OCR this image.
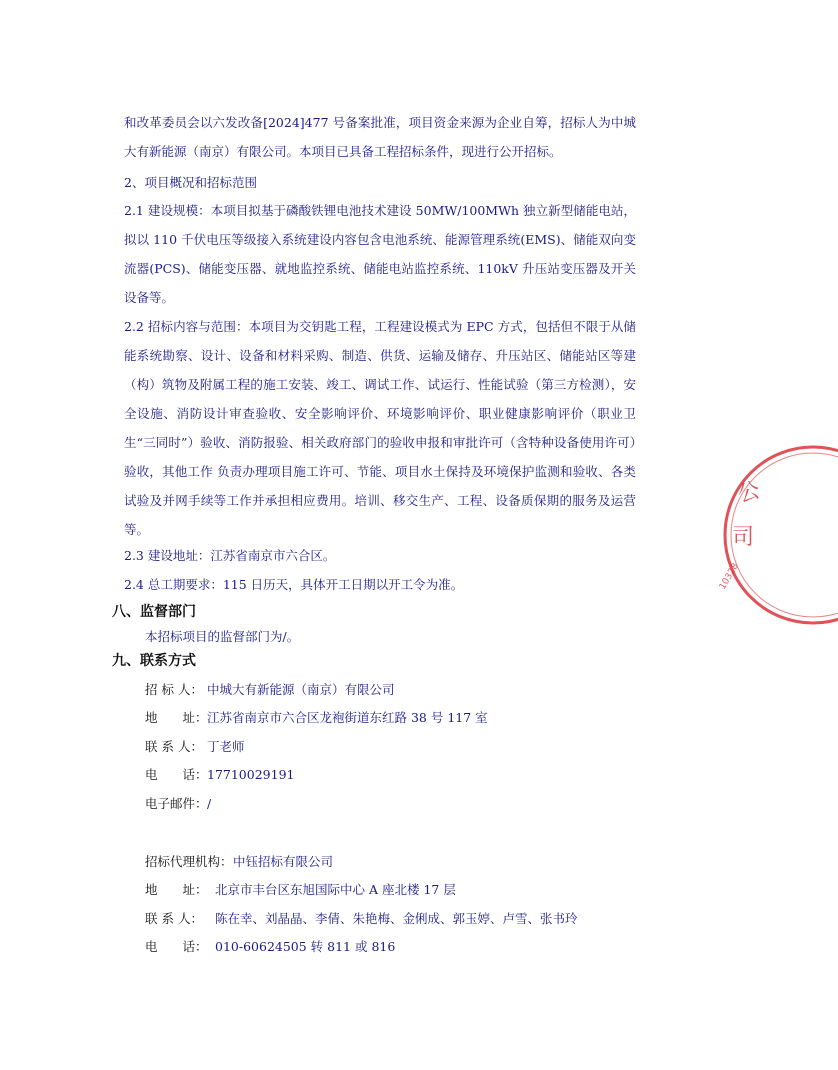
和改革委员会以六发改备[2024]477 号备案批准，项目资金来源为企业自筹，招标人为中城大有新能源（南京）有限公司。本项目已具备工程招标条件，现进行公开招标。

2、项目概况和招标范围

2.1 建设规模：本项目拟基于磷酸铁锂电池技术建设 50MW/100MWh 独立新型储能电站，拟以 110 千伏电压等级接入系统建设内容包含电池系统、能源管理系统(EMS)、储能双向变流器(PCS)、储能变压器、就地监控系统、储能电站监控系统、110kV 升压站变压器及开关设备等。

2.2 招标内容与范围：本项目为交钥匙工程，工程建设模式为 EPC 方式，包括但不限于从储能系统勘察、设计、设备和材料采购、制造、供货、运输及储存、升压站区、储能站区等建（构）筑物及附属工程的施工安装、竣工、调试工作、试运行、性能试验（第三方检测），安全设施、消防设计审查验收、安全影响评价、环境影响评价、职业健康影响评价（职业卫生“三同时”）验收、消防报验、相关政府部门的验收申报和审批许可（含特种设备使用许可）验收，其他工作 负责办理项目施工许可、节能、项目水土保持及环境保护监测和验收、各类试验及并网手续等工作并承担相应费用。培训、移交生产、工程、设备质保期的服务及运营等。

2.3 建设地址：江苏省南京市六合区。

2.4 总工期要求：115 日历天，具体开工日期以开工令为准。

八、监督部门

本招标项目的监督部门为/。

九、联系方式

招 标 人： 中城大有新能源（南京）有限公司
地　　址：江苏省南京市六合区龙袍街道东红路 38 号 117 室
联 系 人： 丁老师
电　　话：17710029191
电子邮件：/
招标代理机构：中钰招标有限公司
地　　址： 北京市丰台区东旭国际中心 A 座北楼 17 层
联 系 人： 陈在幸、刘晶晶、李倩、朱艳梅、金俐成、郭玉婷、卢雪、张书玲
电　　话： 010-60624505 转 811 或 816
公
司
10328
